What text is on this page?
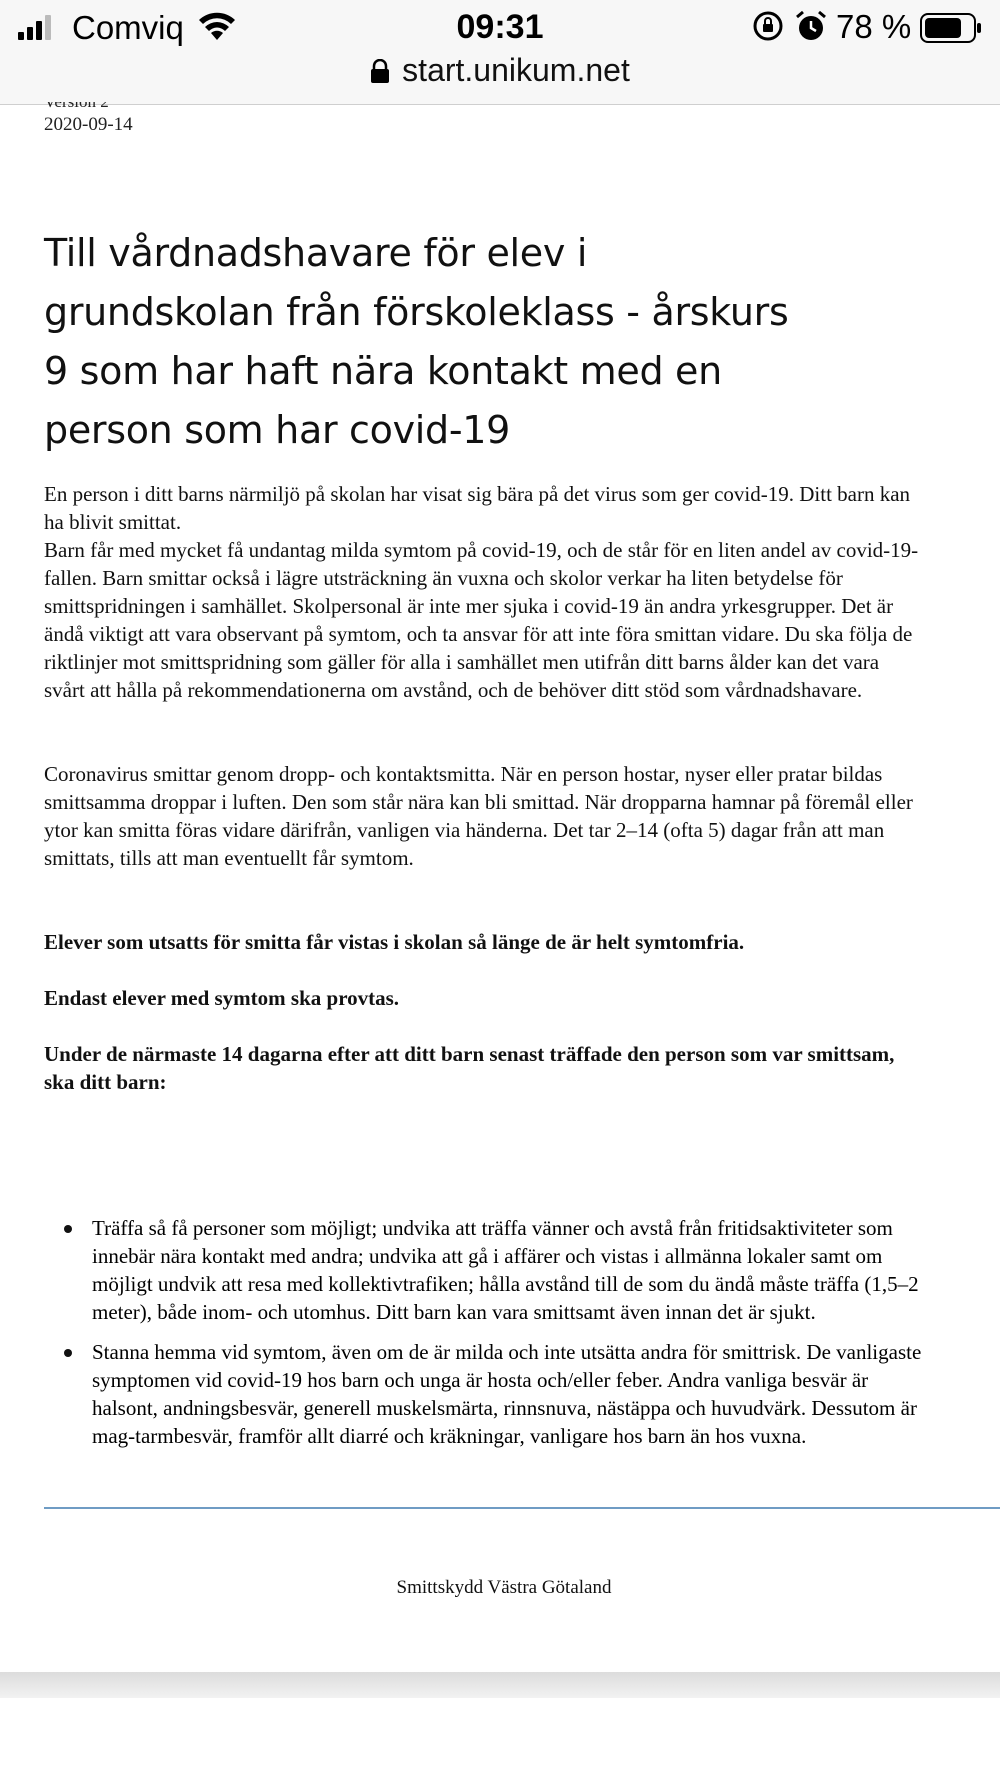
Comviq	09:31	78 %
start.unikum.net
2020-09-14
Till vårdnadshavare för elev i grundskolan från förskoleklass - årskurs 9 som har haft nära kontakt med en person som har covid-19

En person i ditt barns närmiljö på skolan har visat sig bära på det virus som ger covid-19. Ditt barn kan ha blivit smittat.

Barn får med mycket få undantag milda symtom på covid-19, och de står för en liten andel av covid-19-fallen. Barn smittar också i lägre utsträckning än vuxna och skolor verkar ha liten betydelse för smittspridningen i samhället. Skolpersonal är inte mer sjuka i covid-19 än andra yrkesgrupper. Det är ändå viktigt att vara observant på symtom, och ta ansvar för att inte föra smittan vidare. Du ska följa de riktlinjer mot smittspridning som gäller för alla i samhället men utifrån ditt barns ålder kan det vara svårt att hålla på rekommendationerna om avstånd, och de behöver ditt stöd som vårdnadshavare.

Coronavirus smittar genom dropp- och kontaktsmitta. När en person hostar, nyser eller pratar bildas smittsamma droppar i luften. Den som står nära kan bli smittad. När dropparna hamnar på föremål eller ytor kan smitta föras vidare därifrån, vanligen via händerna. Det tar 2–14 (ofta 5) dagar från att man smittats, tills att man eventuellt får symtom.

Elever som utsatts för smitta får vistas i skolan så länge de är helt symtomfria.

Endast elever med symtom ska provtas.

Under de närmaste 14 dagarna efter att ditt barn senast träffade den person som var smittsam, ska ditt barn:

Träffa så få personer som möjligt; undvika att träffa vänner och avstå från fritidsaktiviteter som innebär nära kontakt med andra; undvika att gå i affärer och vistas i allmänna lokaler samt om möjligt undvik att resa med kollektivtrafiken; hålla avstånd till de som du ändå måste träffa (1,5–2 meter), både inom- och utomhus. Ditt barn kan vara smittsamt även innan det är sjukt.
Stanna hemma vid symtom, även om de är milda och inte utsätta andra för smittrisk. De vanligaste symptomen vid covid-19 hos barn och unga är hosta och/eller feber. Andra vanliga besvär är halsont, andningsbesvär, generell muskelsmärta, rinnsnuva, nästäppa och huvudvärk. Dessutom är mag-tarmbesvär, framför allt diarré och kräkningar, vanligare hos barn än hos vuxna.
Smittskydd Västra Götaland
